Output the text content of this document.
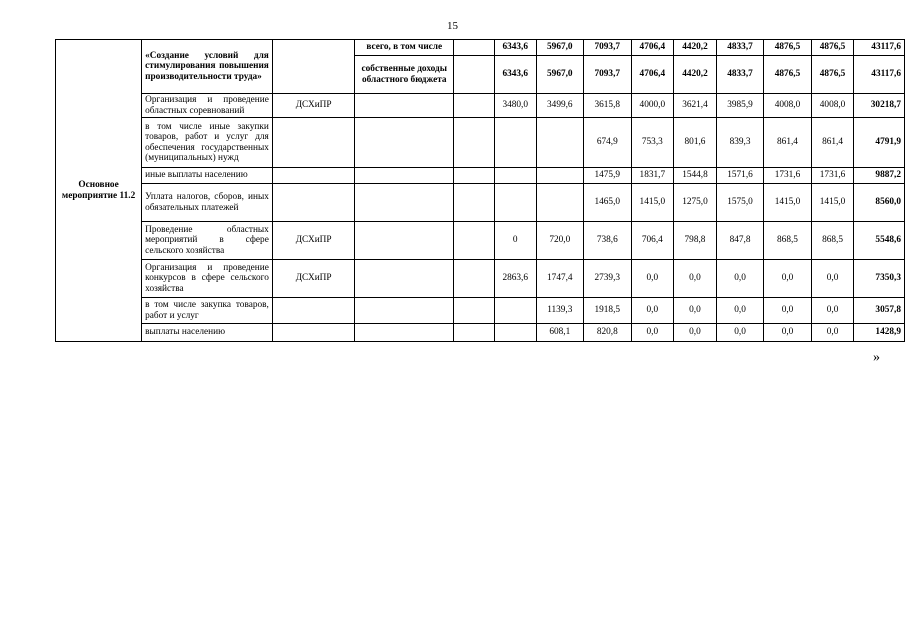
15
Основное мероприятие 11.2	«Создание условий для стимулирования повышения производительности труда»		всего, в том числе		6343,6	5967,0	7093,7	4706,4	4420,2	4833,7	4876,5	4876,5	43117,6
			собственные доходы областного бюджета		6343,6	5967,0	7093,7	4706,4	4420,2	4833,7	4876,5	4876,5	43117,6
	Организация и проведение областных соревнований	ДСХиПР			3480,0	3499,6	3615,8	4000,0	3621,4	3985,9	4008,0	4008,0	30218,7
	в том числе иные закупки товаров, работ и услуг для обеспечения государственных (муниципальных) нужд						674,9	753,3	801,6	839,3	861,4	861,4	4791,9
	иные выплаты населению						1475,9	1831,7	1544,8	1571,6	1731,6	1731,6	9887,2
	Уплата налогов, сборов, иных обязательных платежей						1465,0	1415,0	1275,0	1575,0	1415,0	1415,0	8560,0
	Проведение областных мероприятий в сфере сельского хозяйства	ДСХиПР			0	720,0	738,6	706,4	798,8	847,8	868,5	868,5	5548,6
	Организация и проведение конкурсов в сфере сельского хозяйства	ДСХиПР			2863,6	1747,4	2739,3	0,0	0,0	0,0	0,0	0,0	7350,3
	в том числе закупка товаров, работ и услуг					1139,3	1918,5	0,0	0,0	0,0	0,0	0,0	3057,8
	выплаты населению					608,1	820,8	0,0	0,0	0,0	0,0	0,0	1428,9
»
